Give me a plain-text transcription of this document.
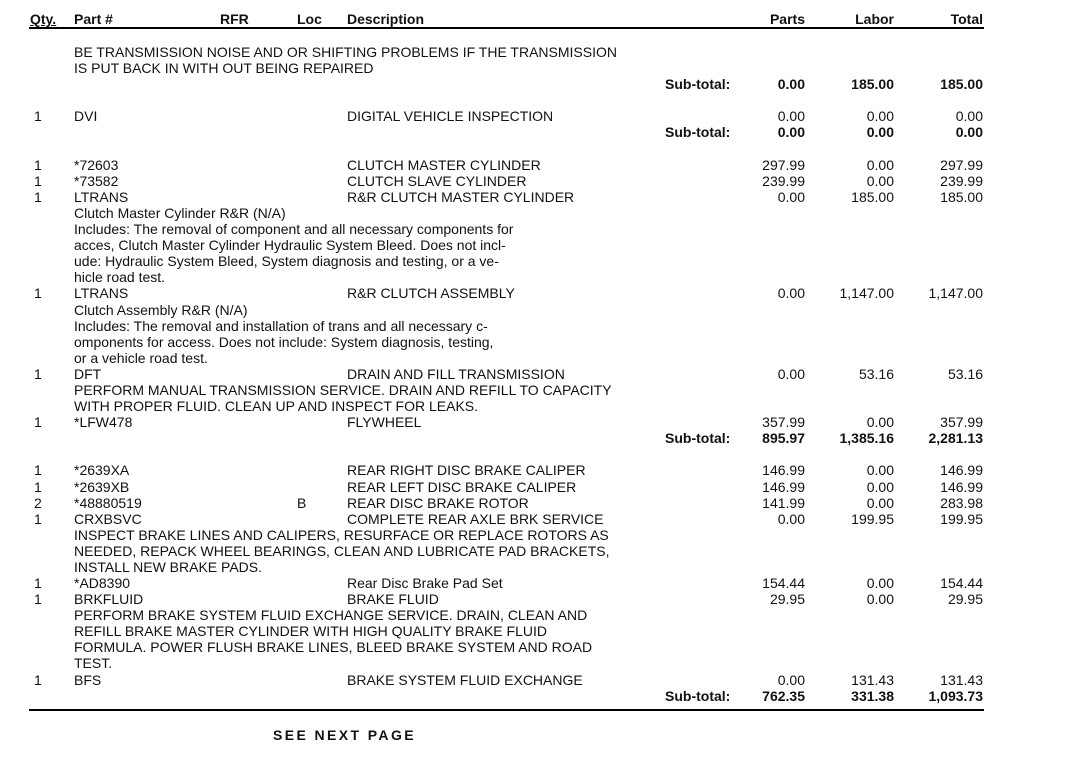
Qty. Part #	RFR	Loc Description	Parts	Labor	Total
BE TRANSMISSION NOISE AND OR SHIFTING PROBLEMS IF THE TRANSMISSION
IS PUT BACK IN WITH OUT BEING REPAIRED
Sub-total:	0.00	185.00	185.00
1 DVI	DIGITAL VEHICLE INSPECTION	0.00	0.00	0.00
Sub-total:	0.00	0.00	0.00
1 *72603	CLUTCH MASTER CYLINDER	297.99	0.00	297.99
1 *73582	CLUTCH SLAVE CYLINDER	239.99	0.00	239.99
1 LTRANS	R&R CLUTCH MASTER CYLINDER	0.00	185.00	185.00
Clutch Master Cylinder R&R (N/A)
Includes: The removal of component and all necessary components for
acces, Clutch Master Cylinder Hydraulic System Bleed. Does not incl-
ude: Hydraulic System Bleed, System diagnosis and testing, or a ve-
hicle road test.
1 LTRANS	R&R CLUTCH ASSEMBLY	0.00 1,147.00 1,147.00
Clutch Assembly R&R (N/A)
Includes: The removal and installation of trans and all necessary c-
omponents for access. Does not include: System diagnosis, testing,
or a vehicle road test.
1 DFT	DRAIN AND FILL TRANSMISSION	0.00	53.16	53.16
PERFORM MANUAL TRANSMISSION SERVICE. DRAIN AND REFILL TO CAPACITY
WITH PROPER FLUID. CLEAN UP AND INSPECT FOR LEAKS.
1 *LFW478	FLYWHEEL	357.99	0.00	357.99
Sub-total: 895.97 1,385.16 2,281.13
1 *2639XA	REAR RIGHT DISC BRAKE CALIPER	146.99	0.00	146.99
1 *2639XB	REAR LEFT DISC BRAKE CALIPER	146.99	0.00	146.99
2 *48880519	B	REAR DISC BRAKE ROTOR	141.99	0.00	283.98
1 CRXBSVC	COMPLETE REAR AXLE BRK SERVICE	0.00	199.95	199.95
INSPECT BRAKE LINES AND CALIPERS, RESURFACE OR REPLACE ROTORS AS
NEEDED, REPACK WHEEL BEARINGS, CLEAN AND LUBRICATE PAD BRACKETS,
INSTALL NEW BRAKE PADS.
1 *AD8390	Rear Disc Brake Pad Set	154.44	0.00	154.44
1 BRKFLUID	BRAKE FLUID	29.95	0.00	29.95
PERFORM BRAKE SYSTEM FLUID EXCHANGE SERVICE. DRAIN, CLEAN AND
REFILL BRAKE MASTER CYLINDER WITH HIGH QUALITY BRAKE FLUID
FORMULA. POWER FLUSH BRAKE LINES, BLEED BRAKE SYSTEM AND ROAD
TEST.
1 BFS	BRAKE SYSTEM FLUID EXCHANGE	0.00	131.43	131.43
Sub-total: 762.35	331.38 1,093.73
SEE NEXT PAGE
